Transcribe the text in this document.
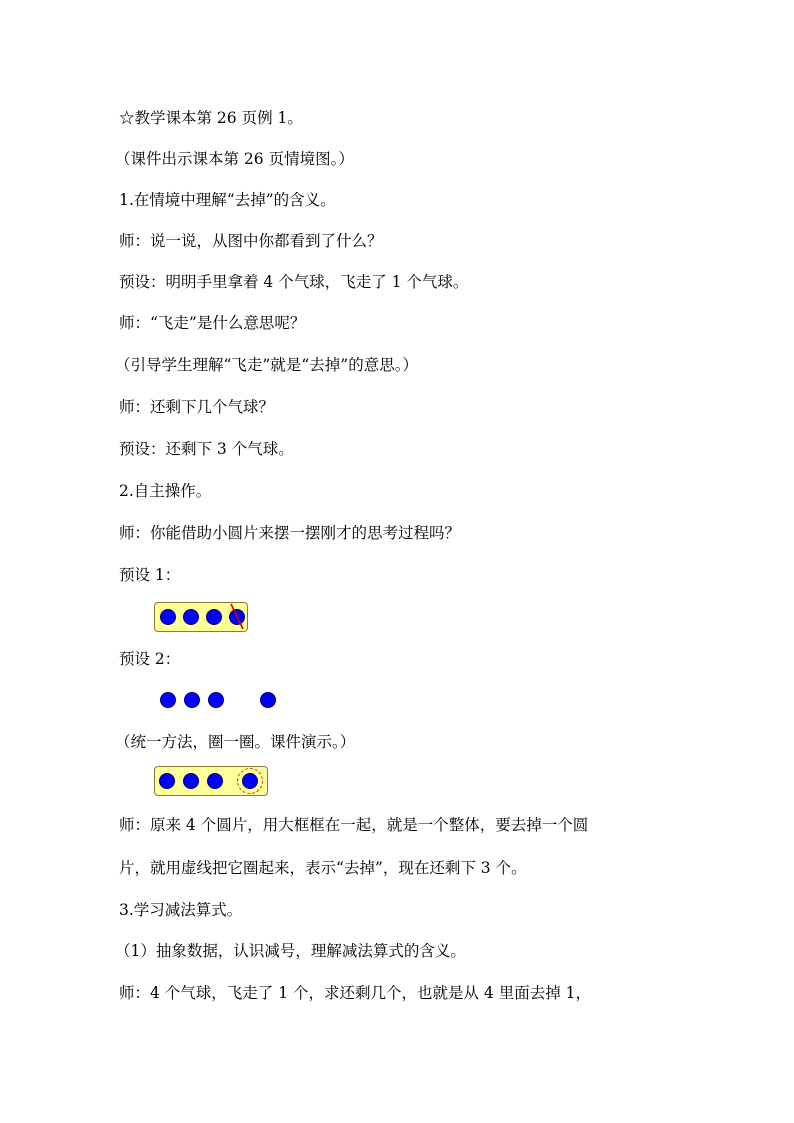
☆教学课本第 26 页例 1。
（课件出示课本第 26 页情境图。）
1.在情境中理解“去掉”的含义。
师：说一说，从图中你都看到了什么？
预设：明明手里拿着 4 个气球，飞走了 1 个气球。
师：“飞走”是什么意思呢？
（引导学生理解“飞走”就是“去掉”的意思。）
师：还剩下几个气球？
预设：还剩下 3 个气球。
2.自主操作。
师：你能借助小圆片来摆一摆刚才的思考过程吗？
预设 1：
预设 2：
（统一方法，圈一圈。课件演示。）
师：原来 4 个圆片，用大框框在一起，就是一个整体，要去掉一个圆
片，就用虚线把它圈起来，表示“去掉”，现在还剩下 3 个。
3.学习减法算式。
（1）抽象数据，认识减号，理解减法算式的含义。
师：4 个气球，飞走了 1 个，求还剩几个，也就是从 4 里面去掉 1，
